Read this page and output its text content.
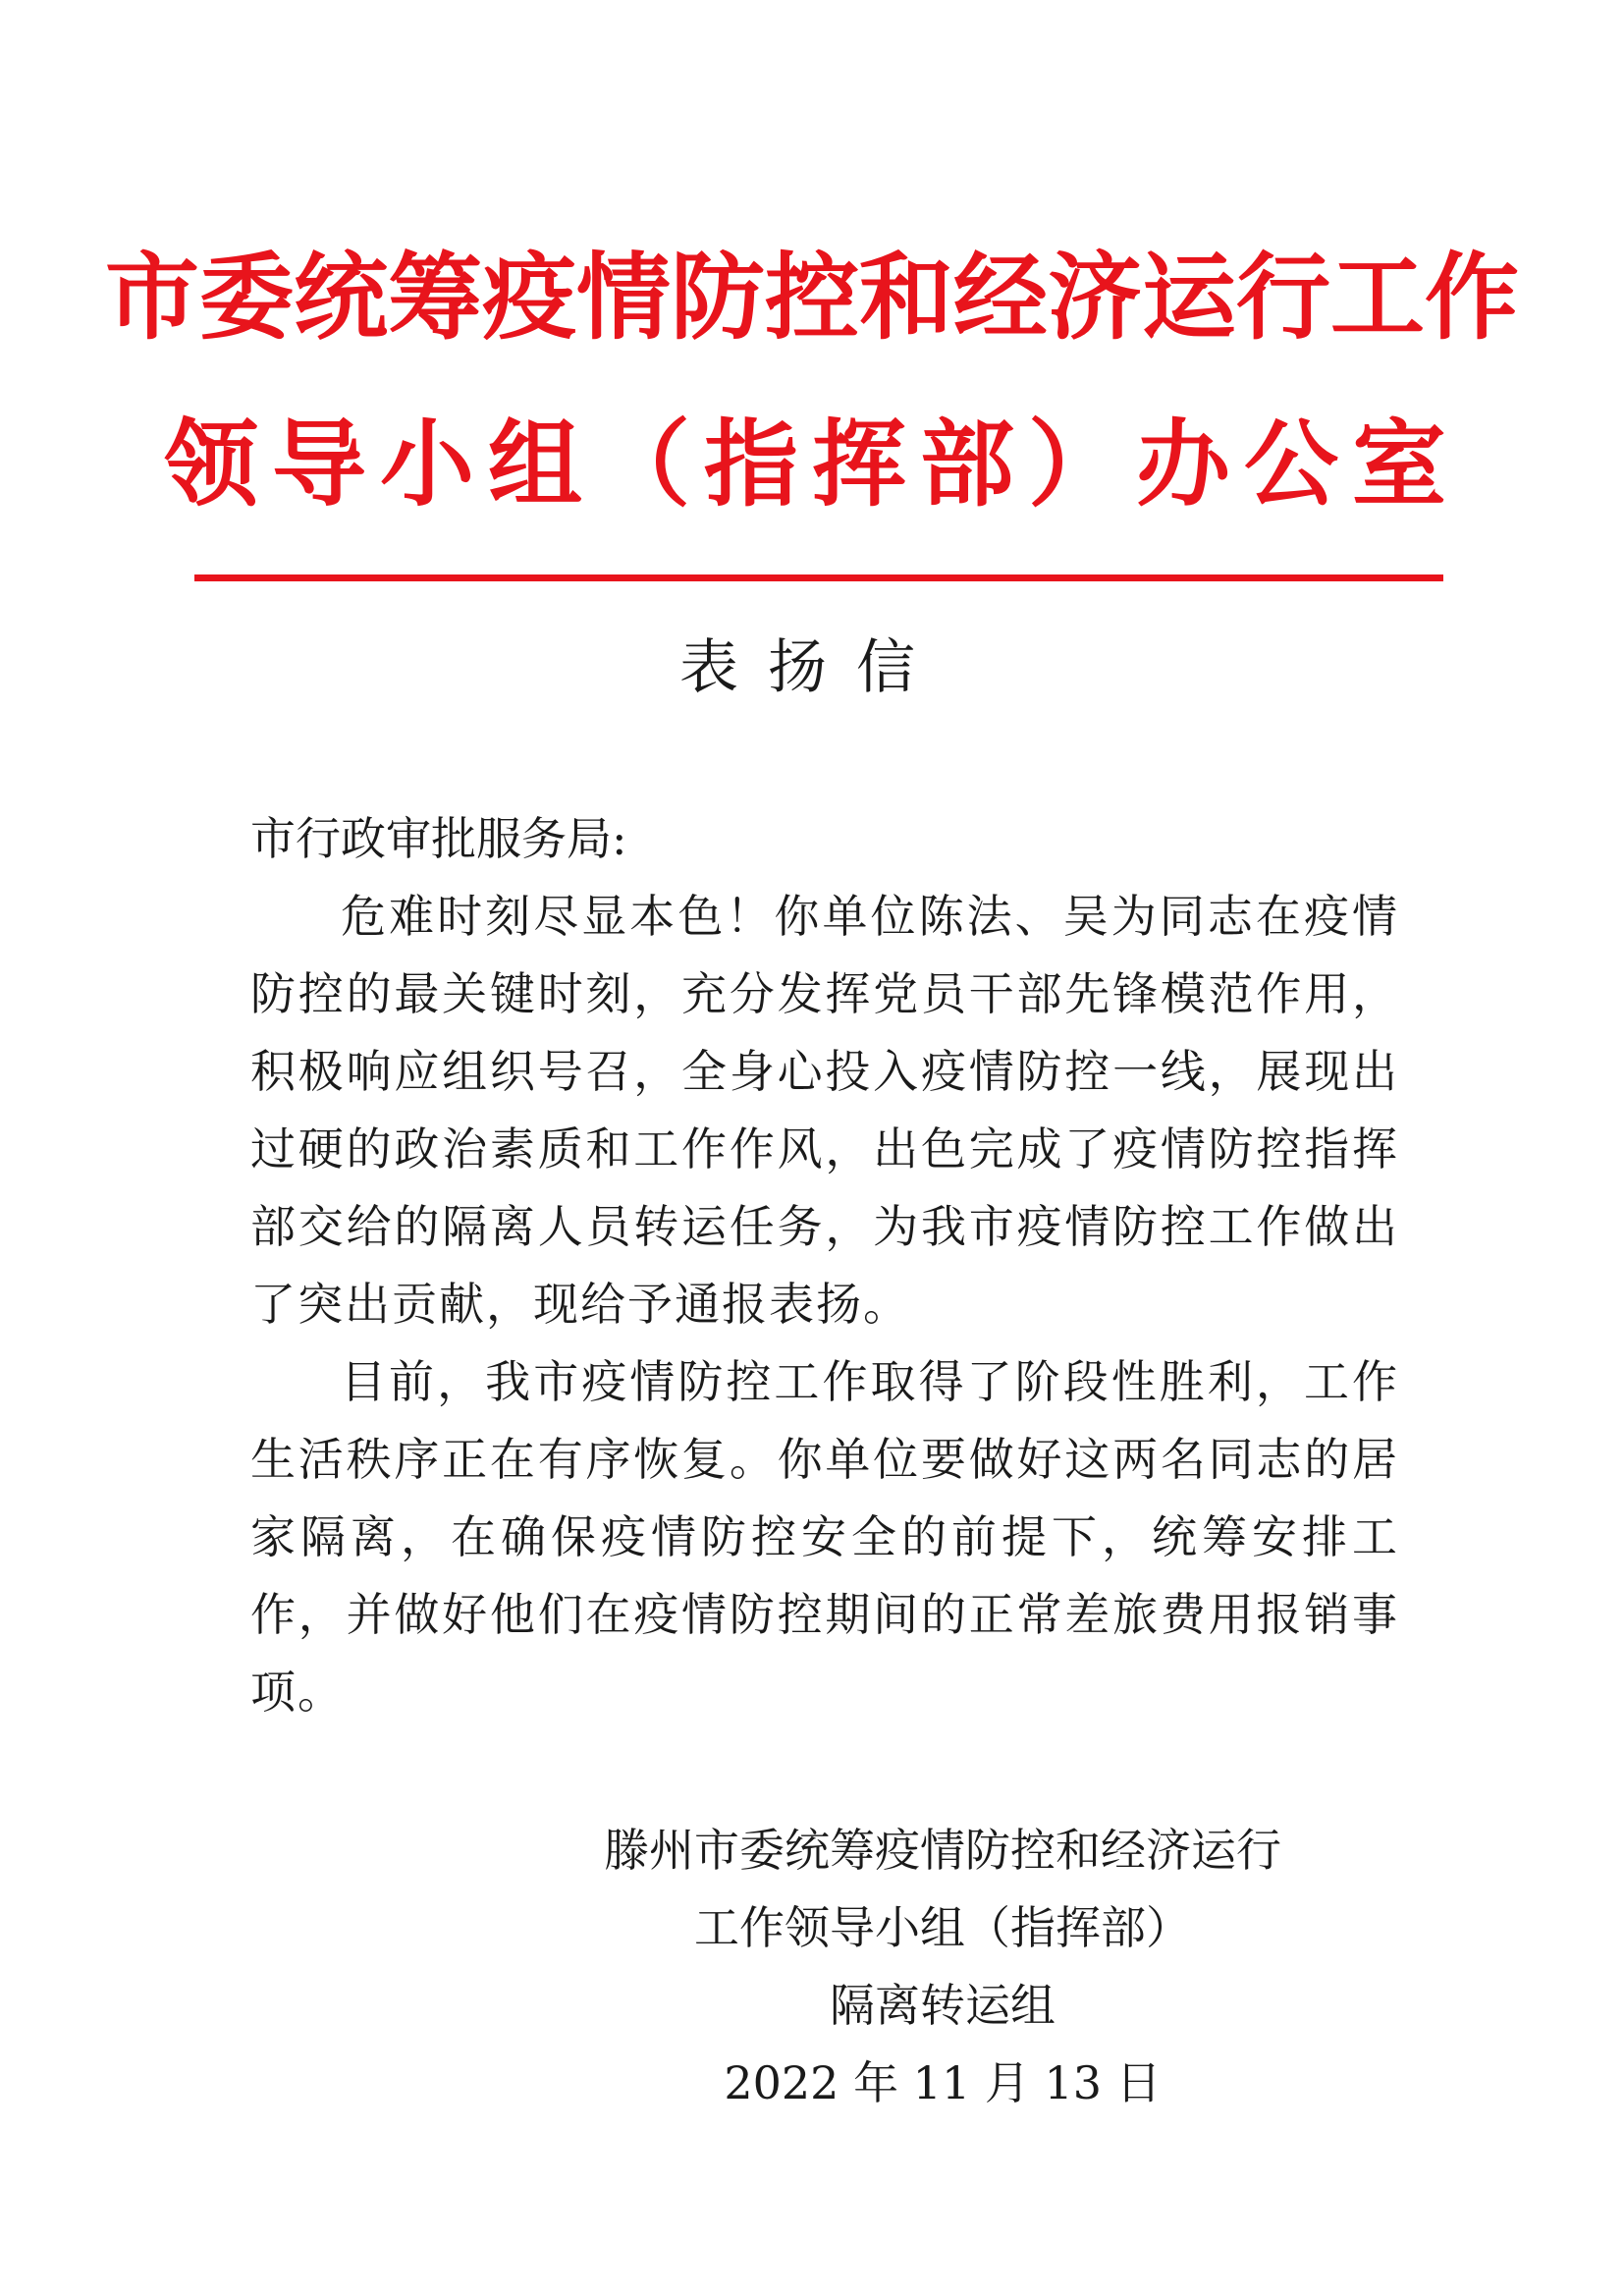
市委统筹疫情防控和经济运行工作
领导小组（指挥部）办公室
表扬信

市行政审批服务局:

危难时刻尽显本色！你单位陈法、吴为同志在疫情防控的最关键时刻，充分发挥党员干部先锋模范作用，积极响应组织号召，全身心投入疫情防控一线，展现出过硬的政治素质和工作作风，出色完成了疫情防控指挥部交给的隔离人员转运任务，为我市疫情防控工作做出了突出贡献，现给予通报表扬。

目前，我市疫情防控工作取得了阶段性胜利，工作生活秩序正在有序恢复。你单位要做好这两名同志的居家隔离，在确保疫情防控安全的前提下，统筹安排工作，并做好他们在疫情防控期间的正常差旅费用报销事项。

滕州市委统筹疫情防控和经济运行
工作领导小组（指挥部）
隔离转运组
2022 年 11 月 13 日
